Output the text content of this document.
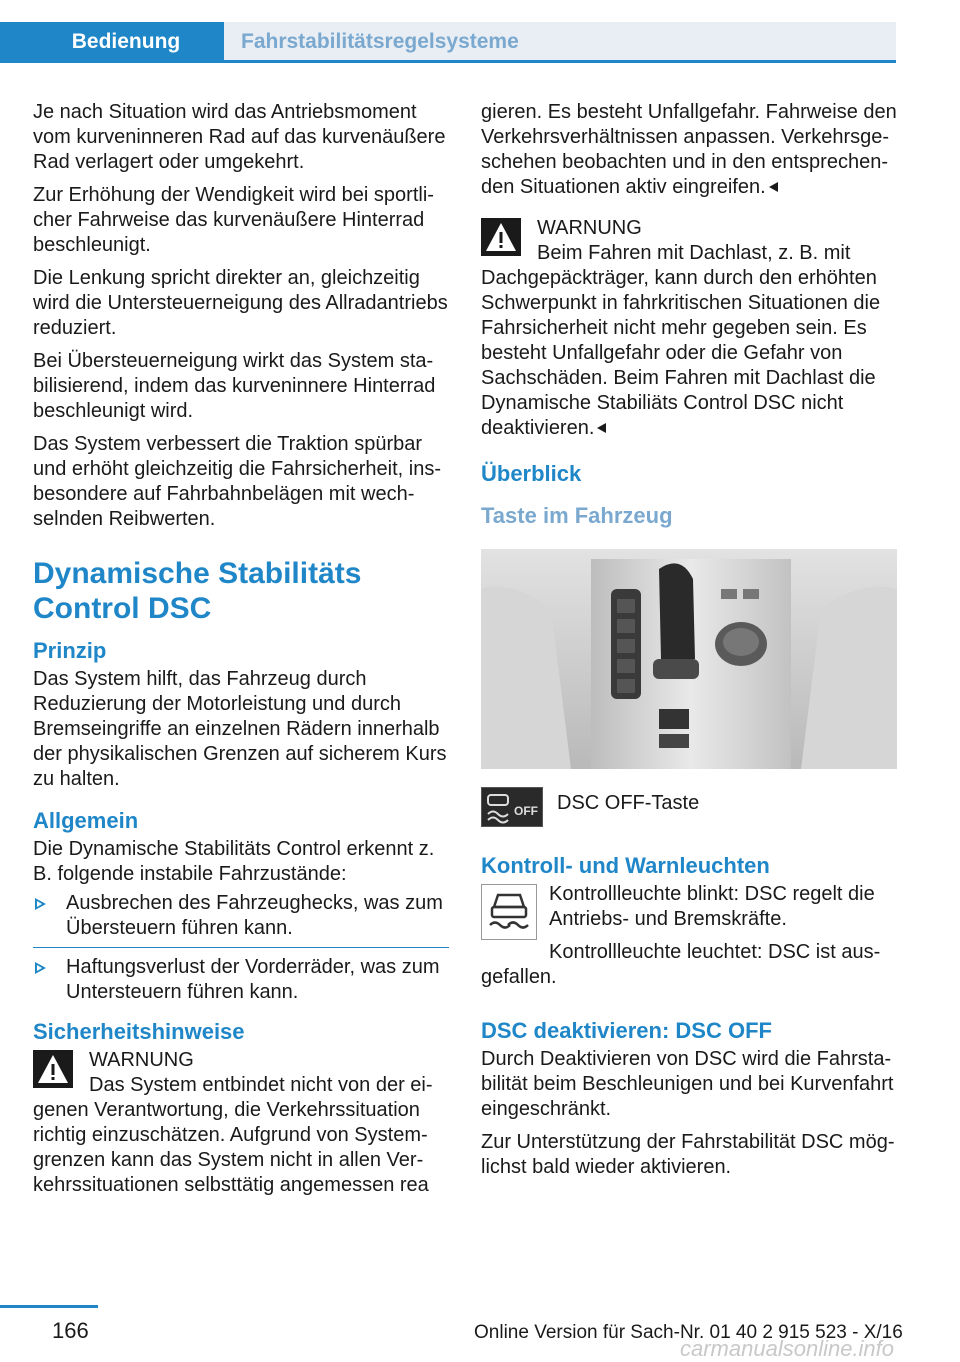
Bedienung	Fahrstabilitätsregelsysteme

Je nach Situation wird das Antriebsmoment vom kurveninneren Rad auf das kurvenäußere Rad verlagert oder umgekehrt.

Zur Erhöhung der Wendigkeit wird bei sportlicher Fahrweise das kurvenäußere Hinterrad beschleunigt.

Die Lenkung spricht direkter an, gleichzeitig wird die Untersteuerneigung des Allradantriebs reduziert.

Bei Übersteuerneigung wirkt das System stabilisierend, indem das kurveninnere Hinterrad beschleunigt wird.

Das System verbessert die Traktion spürbar und erhöht gleichzeitig die Fahrsicherheit, insbesondere auf Fahrbahnbelägen mit wechselnden Reibwerten.

Dynamische Stabilitäts Control DSC
Prinzip

Das System hilft, das Fahrzeug durch Reduzierung der Motorleistung und durch Bremseingriffe an einzelnen Rädern innerhalb der physikalischen Grenzen auf sicherem Kurs zu halten.

Allgemein

Die Dynamische Stabilitäts Control erkennt z. B. folgende instabile Fahrzustände:

Ausbrechen des Fahrzeughecks, was zum Übersteuern führen kann.
Haftungsverlust der Vorderräder, was zum Untersteuern führen kann.
Sicherheitshinweise
WARNUNG
Das System entbindet nicht von der eigenen Verantwortung, die Verkehrssituation richtig einzuschätzen. Aufgrund von Systemgrenzen kann das System nicht in allen Verkehrssituationen selbsttätig angemessen rea

gieren. Es besteht Unfallgefahr. Fahrweise den Verkehrsverhältnissen anpassen. Verkehrsgeschehen beobachten und in den entsprechenden Situationen aktiv eingreifen.

WARNUNG
Beim Fahren mit Dachlast, z. B. mit Dachgepäckträger, kann durch den erhöhten Schwerpunkt in fahrkritischen Situationen die Fahrsicherheit nicht mehr gegeben sein. Es besteht Unfallgefahr oder die Gefahr von Sachschäden. Beim Fahren mit Dachlast die Dynamische Stabiliäts Control DSC nicht deaktivieren.
Überblick
Taste im Fahrzeug
OFF DSC OFF-Taste
Kontroll- und Warnleuchten

Kontrollleuchte blinkt: DSC regelt die Antriebs- und Bremskräfte.

Kontrollleuchte leuchtet: DSC ist ausgefallen.

DSC deaktivieren: DSC OFF

Durch Deaktivieren von DSC wird die Fahrstabilität beim Beschleunigen und bei Kurvenfahrt eingeschränkt.

Zur Unterstützung der Fahrstabilität DSC möglichst bald wieder aktivieren.

166	Online Version für Sach-Nr. 01 40 2 915 523 - X/16
carmanualsonline.info
